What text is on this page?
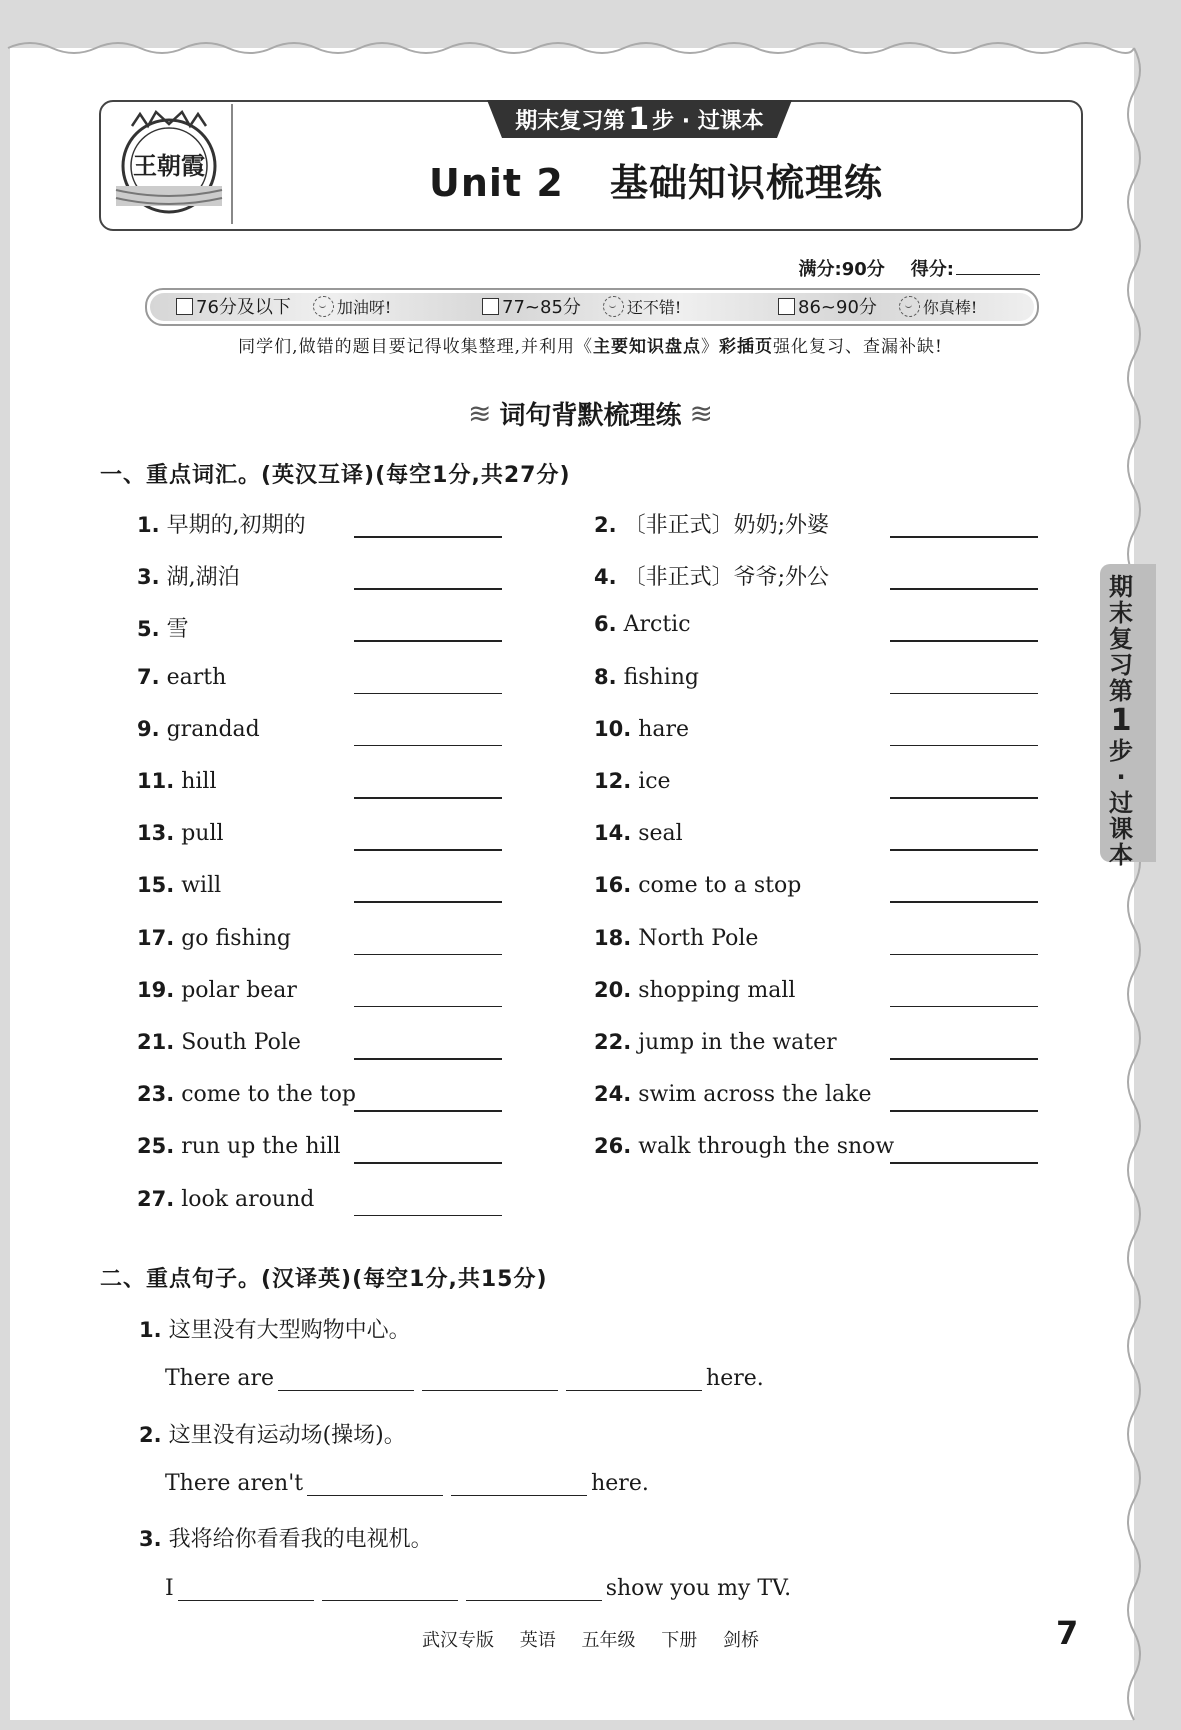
王朝霞
期末复习第 1 步 · 过课本
Unit 2 基础知识梳理练
满分:90分 得分:
76分及以下	加油呀!	77~85分	还不错!	86~90分	你真棒!
同学们,做错的题目要记得收集整理,并利用《主要知识盘点》彩插页强化复习、查漏补缺!
≋ 词句背默梳理练 ≋
一、重点词汇。(英汉互译)(每空1分,共27分)
1. 早期的,初期的	2. 〔非正式〕奶奶;外婆
3. 湖,湖泊	4. 〔非正式〕爷爷;外公
5. 雪	6. Arctic
7. earth	8. fishing
9. grandad	10. hare
11. hill	12. ice
13. pull	14. seal
15. will	16. come to a stop
17. go fishing	18. North Pole
19. polar bear	20. shopping mall
21. South Pole	22. jump in the water
23. come to the top	24. swim across the lake
25. run up the hill	26. walk through the snow
27. look around
二、重点句子。(汉译英)(每空1分,共15分)
1. 这里没有大型购物中心。
There are	here.
2. 这里没有运动场(操场)。
There aren't	here.
3. 我将给你看看我的电视机。
I	show you my TV.
期
末
复
习
第
1
步
·
过
课
本
武汉专版 英语 五年级 下册 剑桥	7
